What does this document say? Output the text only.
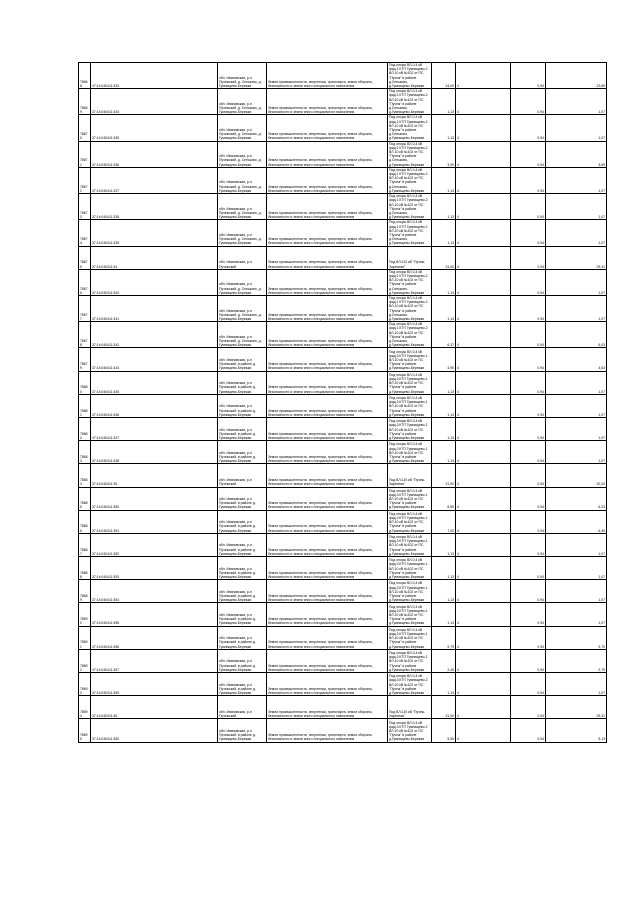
78668	37:14:040411:333	обл. Ивановская, р-н Пучежский, д. Сеньково, д. Гумнищево-Бережки	Земли промышленности, энергетики, транспорта, земли обороны, безопасности и земли иного специального назначения	Под опоры ВЛ-0,4 кВ фид.1 КТП Гумнищево-2 ВЛ-10 кВ №102 от ПС "Пучеж" в районе д.Сеньково, д.Гумнищево-Бережки	24,00	4	0,94	22,69
78669	37:14:040411:334	обл. Ивановская, р-н Пучежский, д. Сеньково, д. Гумнищево-Бережки	Земли промышленности, энергетики, транспорта, земли обороны, безопасности и земли иного специального назначения	Под опоры ВЛ-0,4 кВ фид.1 КТП Гумнищево-2 ВЛ-10 кВ №102 от ПС "Пучеж" в районе д.Сеньково, д.Гумнищево-Бережки	1,13	4	0,94	1,07
78670	37:14:040411:335	обл. Ивановская, р-н Пучежский, д. Сеньково, д. Гумнищево-Бережки	Земли промышленности, энергетики, транспорта, земли обороны, безопасности и земли иного специального назначения	Под опоры ВЛ-0,4 кВ фид.1 КТП Гумнищево-2 ВЛ-10 кВ №102 от ПС "Пучеж" в районе д.Сеньково, д.Гумнищево-Бережки	1,13	4	0,94	1,07
78671	37:14:040411:336	обл. Ивановская, р-н Пучежский, д. Сеньково, д. Гумнищево-Бережки	Земли промышленности, энергетики, транспорта, земли обороны, безопасности и земли иного специального назначения	Под опоры ВЛ-0,4 кВ фид.1 КТП Гумнищево-2 ВЛ-10 кВ №102 от ПС "Пучеж" в районе д.Сеньково, д.Гумнищево-Бережки	3,90	4	0,94	3,69
78672	37:14:040411:337	обл. Ивановская, р-н Пучежский, д. Сеньково, д. Гумнищево-Бережки	Земли промышленности, энергетики, транспорта, земли обороны, безопасности и земли иного специального назначения	Под опоры ВЛ-0,4 кВ фид.1 КТП Гумнищево-2 ВЛ-10 кВ №102 от ПС "Пучеж" в районе д.Сеньково, д.Гумнищево-Бережки	1,13	4	0,94	1,07
78673	37:14:040411:338	обл. Ивановская, р-н Пучежский, д. Сеньково, д. Гумнищево-Бережки	Земли промышленности, энергетики, транспорта, земли обороны, безопасности и земли иного специального назначения	Под опоры ВЛ-0,4 кВ фид.1 КТП Гумнищево-2 ВЛ-10 кВ №102 от ПС "Пучеж" в районе д.Сеньково, д.Гумнищево-Бережки	1,13	4	0,94	1,07
78674	37:14:040411:339	обл. Ивановская, р-н Пучежский, д. Сеньково, д. Гумнищево-Бережки	Земли промышленности, энергетики, транспорта, земли обороны, безопасности и земли иного специального назначения	Под опоры ВЛ-0,4 кВ фид.1 КТП Гумнищево-2 ВЛ-10 кВ №102 от ПС "Пучеж" в районе д.Сеньково, д.Гумнищево-Бережки	1,13	4	0,94	1,07
78675	37:14:040411:34	обл. Ивановская, р-н Пучежский	Земли промышленности, энергетики, транспорта, земли обороны, безопасности и земли иного специального назначения	Под ВЛ-110 кВ "Пучеж-Заречная"	31,00	4	0,94	29,31
78676	37:14:040411:340	обл. Ивановская, р-н Пучежский, д. Сеньково, д. Гумнищево-Бережки	Земли промышленности, энергетики, транспорта, земли обороны, безопасности и земли иного специального назначения	Под опоры ВЛ-0,4 кВ фид.1 КТП Гумнищево-2 ВЛ-10 кВ №102 от ПС "Пучеж" в районе д.Сеньково, д.Гумнищево-Бережки	1,13	4	0,94	1,07
78677	37:14:040411:341	обл. Ивановская, р-н Пучежский, д. Сеньково, д. Гумнищево-Бережки	Земли промышленности, энергетики, транспорта, земли обороны, безопасности и земли иного специального назначения	Под опоры ВЛ-0,4 кВ фид.1 КТП Гумнищево-2 ВЛ-10 кВ №102 от ПС "Пучеж" в районе д.Сеньково, д.Гумнищево-Бережки	1,13	4	0,94	1,07
78678	37:14:040411:342	обл. Ивановская, р-н Пучежский, д. Сеньково, д. Гумнищево-Бережки	Земли промышленности, энергетики, транспорта, земли обороны, безопасности и земли иного специального назначения	Под опоры ВЛ-0,4 кВ фид.1 КТП Гумнищево-2 ВЛ-10 кВ №102 от ПС "Пучеж" в районе д.Сеньково, д.Гумнищево-Бережки	6,37	4	0,94	6,03
78679	37:14:040411:343	обл. Ивановская, р-н Пучежский, в районе д. Гумнищево-Бережки	Земли промышленности, энергетики, транспорта, земли обороны, безопасности и земли иного специального назначения	Под опоры ВЛ-0,4 кВ фид.3 КТП Гумнищево-1 ВЛ-10 кВ №102 от ПС "Пучеж" в районе д.Гумнищево-Бережки	4,90	4	0,94	4,63
78680	37:14:040411:345	обл. Ивановская, р-н Пучежский, в районе д. Гумнищево-Бережки	Земли промышленности, энергетики, транспорта, земли обороны, безопасности и земли иного специального назначения	Под опоры ВЛ-0,4 кВ фид.3 КТП Гумнищево-1 ВЛ-10 кВ №102 от ПС "Пучеж" в районе д.Гумнищево-Бережки	1,13	4	0,94	1,07
78681	37:14:040411:346	обл. Ивановская, р-н Пучежский, в районе д. Гумнищево-Бережки	Земли промышленности, энергетики, транспорта, земли обороны, безопасности и земли иного специального назначения	Под опоры ВЛ-0,4 кВ фид.3 КТП Гумнищево-1 ВЛ-10 кВ №102 от ПС "Пучеж" в районе д.Гумнищево-Бережки	1,13	4	0,94	1,07
78682	37:14:040411:347	обл. Ивановская, р-н Пучежский, в районе д. Гумнищево-Бережки	Земли промышленности, энергетики, транспорта, земли обороны, безопасности и земли иного специального назначения	Под опоры ВЛ-0,4 кВ фид.3 КТП Гумнищево-1 ВЛ-10 кВ №102 от ПС "Пучеж" в районе д.Гумнищево-Бережки	1,13	4	0,94	1,07
78683	37:14:040411:348	обл. Ивановская, р-н Пучежский, в районе д. Гумнищево-Бережки	Земли промышленности, энергетики, транспорта, земли обороны, безопасности и земли иного специального назначения	Под опоры ВЛ-0,4 кВ фид.3 КТП Гумнищево-1 ВЛ-10 кВ №102 от ПС "Пучеж" в районе д.Гумнищево-Бережки	1,13	4	0,94	1,07
78684	37:14:040411:35	обл. Ивановская, р-н Пучежский	Земли промышленности, энергетики, транспорта, земли обороны, безопасности и земли иного специального назначения	Под ВЛ-110 кВ "Пучеж-Заречная"	21,00	4	0,94	20,20
78685	37:14:040411:350	обл. Ивановская, р-н Пучежский, в районе д. Гумнищево-Бережки	Земли промышленности, энергетики, транспорта, земли обороны, безопасности и земли иного специального назначения	Под опоры ВЛ-0,4 кВ фид.3 КТП Гумнищево-1 ВЛ-10 кВ №102 от ПС "Пучеж" в районе д.Гумнищево-Бережки	6,59	4	0,94	6,23
78686	37:14:040411:351	обл. Ивановская, р-н Пучежский, в районе д. Гумнищево-Бережки	Земли промышленности, энергетики, транспорта, земли обороны, безопасности и земли иного специального назначения	Под опоры ВЛ-0,4 кВ фид.3 КТП Гумнищево-1 ВЛ-10 кВ №102 от ПС "Пучеж" в районе д.Гумнищево-Бережки	7,00	4	0,94	6,45
78687	37:14:040411:352	обл. Ивановская, р-н Пучежский, в районе д. Гумнищево-Бережки	Земли промышленности, энергетики, транспорта, земли обороны, безопасности и земли иного специального назначения	Под опоры ВЛ-0,4 кВ фид.3 КТП Гумнищево-1 ВЛ-10 кВ №102 от ПС "Пучеж" в районе д.Гумнищево-Бережки	1,13	4	0,94	1,07
78688	37:14:040411:353	обл. Ивановская, р-н Пучежский, в районе д. Гумнищево-Бережки	Земли промышленности, энергетики, транспорта, земли обороны, безопасности и земли иного специального назначения	Под опоры ВЛ-0,4 кВ фид.3 КТП Гумнищево-1 ВЛ-10 кВ №102 от ПС "Пучеж" в районе д.Гумнищево-Бережки	1,13	4	0,94	1,07
78689	37:14:040411:354	обл. Ивановская, р-н Пучежский, в районе д. Гумнищево-Бережки	Земли промышленности, энергетики, транспорта, земли обороны, безопасности и земли иного специального назначения	Под опоры ВЛ-0,4 кВ фид.3 КТП Гумнищево-1 ВЛ-10 кВ №102 от ПС "Пучеж" в районе д.Гумнищево-Бережки	1,13	4	0,94	1,07
78690	37:14:040411:355	обл. Ивановская, р-н Пучежский, в районе д. Гумнищево-Бережки	Земли промышленности, энергетики, транспорта, земли обороны, безопасности и земли иного специального назначения	Под опоры ВЛ-0,4 кВ фид.3 КТП Гумнищево-1 ВЛ-10 кВ №102 от ПС "Пучеж" в районе д.Гумнищево-Бережки	1,13	4	0,94	1,07
78691	37:14:040411:356	обл. Ивановская, р-н Пучежский, в районе д. Гумнищево-Бережки	Земли промышленности, энергетики, транспорта, земли обороны, безопасности и земли иного специального назначения	Под опоры ВЛ-0,4 кВ фид.3 КТП Гумнищево-1 ВЛ-10 кВ №102 от ПС "Пучеж" в районе д.Гумнищево-Бережки	9,79	4	0,94	9,70
78692	37:14:040411:357	обл. Ивановская, р-н Пучежский, в районе д. Гумнищево-Бережки	Земли промышленности, энергетики, транспорта, земли обороны, безопасности и земли иного специального назначения	Под опоры ВЛ-0,4 кВ фид.3 КТП Гумнищево-1 ВЛ-10 кВ №102 от ПС "Пучеж" в районе д.Гумнищево-Бережки	2,40	4	0,94	2,79
78693	37:14:040411:359	обл. Ивановская, р-н Пучежский, в районе д. Гумнищево-Бережки	Земли промышленности, энергетики, транспорта, земли обороны, безопасности и земли иного специального назначения	Под опоры ВЛ-0,4 кВ фид.3 КТП Гумнищево-2 ВЛ-10 кВ №102 от ПС "Пучеж" в районе д.Гумнищево-Бережки	1,13	4	0,94	1,07
78694	37:14:040411:36	обл. Ивановская, р-н Пучежский	Земли промышленности, энергетики, транспорта, земли обороны, безопасности и земли иного специального назначения	Под ВЛ-110 кВ "Пучеж-Заречная"	31,00	4	0,94	29,31
78695	37:14:040411:360	обл. Ивановская, р-н Пучежский, в районе д. Гумнищево-Бережки	Земли промышленности, энергетики, транспорта, земли обороны, безопасности и земли иного специального назначения	Под опоры ВЛ-0,4 кВ фид.3 КТП Гумнищево-2 ВЛ-10 кВ №102 от ПС "Пучеж" в районе д.Гумнищево-Бережки	5,50	4	0,94	5,13
